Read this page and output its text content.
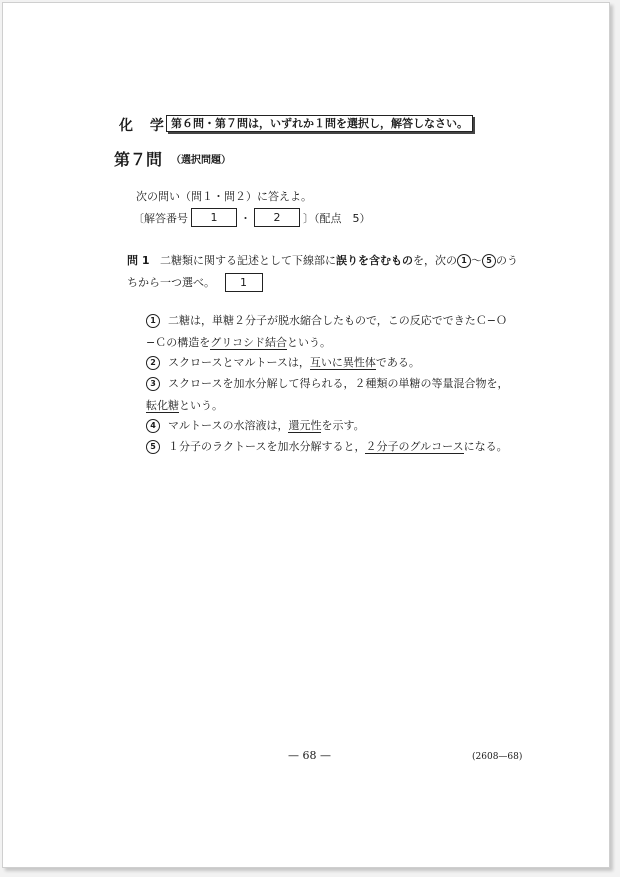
化 学 第６問・第７問は，いずれか１問を選択し，解答しなさい。
第７問 （選択問題）
次の問い（問１・問２）に答えよ。
〔解答番号	1	・	2	〕（配点　5）
問 1 二糖類に関する記述として下線部に誤りを含むものを，次の 1 ～ 5 のうちから一つ選べ。 1
1 二糖は，単糖２分子が脱水縮合したもので，この反応でできたＣ−Ｏ−Ｃの構造をグリコシド結合という。
2 スクロースとマルトースは，互いに異性体である。
3 スクロースを加水分解して得られる，２種類の単糖の等量混合物を，転化糖という。
4 マルトースの水溶液は，還元性を示す。
5 １分子のラクトースを加水分解すると，２分子のグルコースになる。
— 68 —	(2608—68)
